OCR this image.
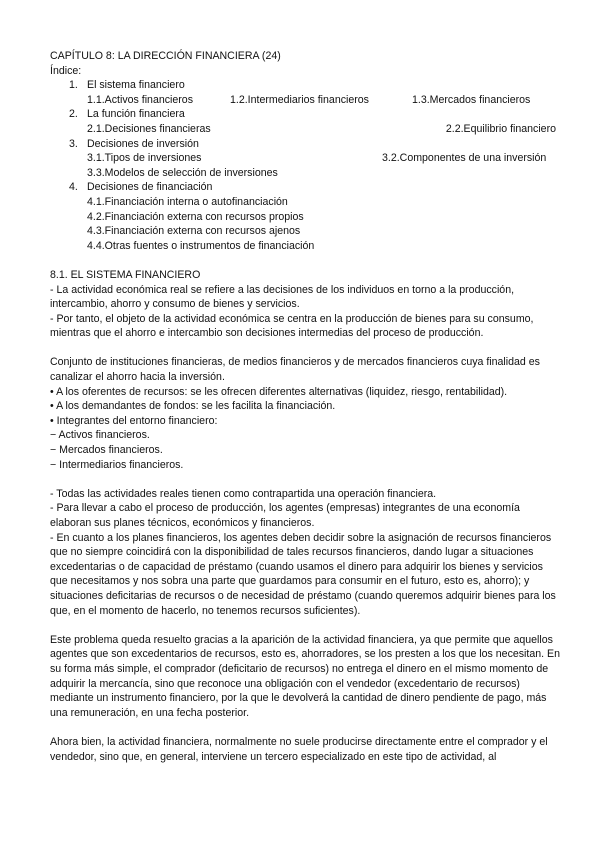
CAPÍTULO 8: LA DIRECCIÓN FINANCIERA (24)

Índice:

1. El sistema financiero
1.1.Activos financieros	1.2.Intermediarios financieros	1.3.Mercados financieros
2. La función financiera
2.1.Decisiones financieras	2.2.Equilibrio financiero
3. Decisiones de inversión
3.1.Tipos de inversiones	3.2.Componentes de una inversión
3.3.Modelos de selección de inversiones
4. Decisiones de financiación
4.1.Financiación interna o autofinanciación
4.2.Financiación externa con recursos propios
4.3.Financiación externa con recursos ajenos
4.4.Otras fuentes o instrumentos de financiación

8.1. EL SISTEMA FINANCIERO

- La actividad económica real se refiere a las decisiones de los individuos en torno a la producción, intercambio, ahorro y consumo de bienes y servicios.

- Por tanto, el objeto de la actividad económica se centra en la producción de bienes para su consumo, mientras que el ahorro e intercambio son decisiones intermedias del proceso de producción.

Conjunto de instituciones financieras, de medios financieros y de mercados financieros cuya finalidad es canalizar el ahorro hacia la inversión.

• A los oferentes de recursos: se les ofrecen diferentes alternativas (liquidez, riesgo, rentabilidad).

• A los demandantes de fondos: se les facilita la financiación.

• Integrantes del entorno financiero:

− Activos financieros.

− Mercados financieros.

− Intermediarios financieros.

- Todas las actividades reales tienen como contrapartida una operación financiera.

- Para llevar a cabo el proceso de producción, los agentes (empresas) integrantes de una economía elaboran sus planes técnicos, económicos y financieros.

- En cuanto a los planes financieros, los agentes deben decidir sobre la asignación de recursos financieros que no siempre coincidirá con la disponibilidad de tales recursos financieros, dando lugar a situaciones excedentarias o de capacidad de préstamo (cuando usamos el dinero para adquirir los bienes y servicios que necesitamos y nos sobra una parte que guardamos para consumir en el futuro, esto es, ahorro); y situaciones deficitarias de recursos o de necesidad de préstamo (cuando queremos adquirir bienes para los que, en el momento de hacerlo, no tenemos recursos suficientes).

Este problema queda resuelto gracias a la aparición de la actividad financiera, ya que permite que aquellos agentes que son excedentarios de recursos, esto es, ahorradores, se los presten a los que los necesitan. En su forma más simple, el comprador (deficitario de recursos) no entrega el dinero en el mismo momento de adquirir la mercancía, sino que reconoce una obligación con el vendedor (excedentario de recursos) mediante un instrumento financiero, por la que le devolverá la cantidad de dinero pendiente de pago, más una remuneración, en una fecha posterior.

Ahora bien, la actividad financiera, normalmente no suele producirse directamente entre el comprador y el vendedor, sino que, en general, interviene un tercero especializado en este tipo de actividad, al
